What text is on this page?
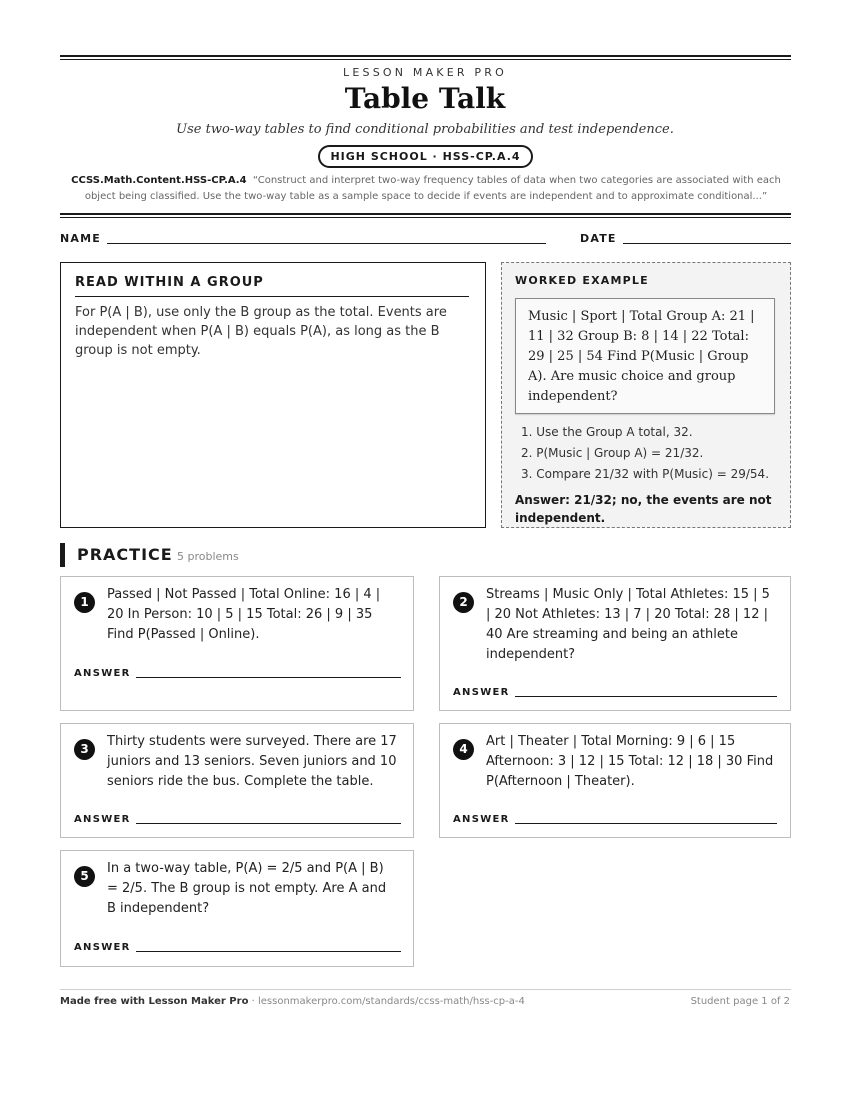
LESSON MAKER PRO
Table Talk
Use two-way tables to find conditional probabilities and test independence.
HIGH SCHOOL · HSS-CP.A.4
CCSS.Math.Content.HSS-CP.A.4 “Construct and interpret two-way frequency tables of data when two categories are associated with each object being classified. Use the two-way table as a sample space to decide if events are independent and to approximate conditional...”
NAME	DATE
READ WITHIN A GROUP

For P(A | B), use only the B group as the total. Events are independent when P(A | B) equals P(A), as long as the B group is not empty.

WORKED EXAMPLE
Music | Sport | Total Group A: 21 | 11 | 32 Group B: 8 | 14 | 22 Total: 29 | 25 | 54 Find P(Music | Group A). Are music choice and group independent?
1. Use the Group A total, 32.
2. P(Music | Group A) = 21/32.
3. Compare 21/32 with P(Music) = 29/54.
Answer: 21/32; no, the events are not independent.
PRACTICE 5 problems
1	Passed | Not Passed | Total Online: 16 | 4 | 20 In Person: 10 | 5 | 15 Total: 26 | 9 | 35 Find P(Passed | Online).
ANSWER
2	Streams | Music Only | Total Athletes: 15 | 5 | 20 Not Athletes: 13 | 7 | 20 Total: 28 | 12 | 40 Are streaming and being an athlete independent?
ANSWER
3	Thirty students were surveyed. There are 17 juniors and 13 seniors. Seven juniors and 10 seniors ride the bus. Complete the table.
ANSWER
4	Art | Theater | Total Morning: 9 | 6 | 15 Afternoon: 3 | 12 | 15 Total: 12 | 18 | 30 Find P(Afternoon | Theater).
ANSWER
5	In a two-way table, P(A) = 2/5 and P(A | B) = 2/5. The B group is not empty. Are A and B independent?
ANSWER
Made free with Lesson Maker Pro · lessonmakerpro.com/standards/ccss-math/hss-cp-a-4	Student page 1 of 2
